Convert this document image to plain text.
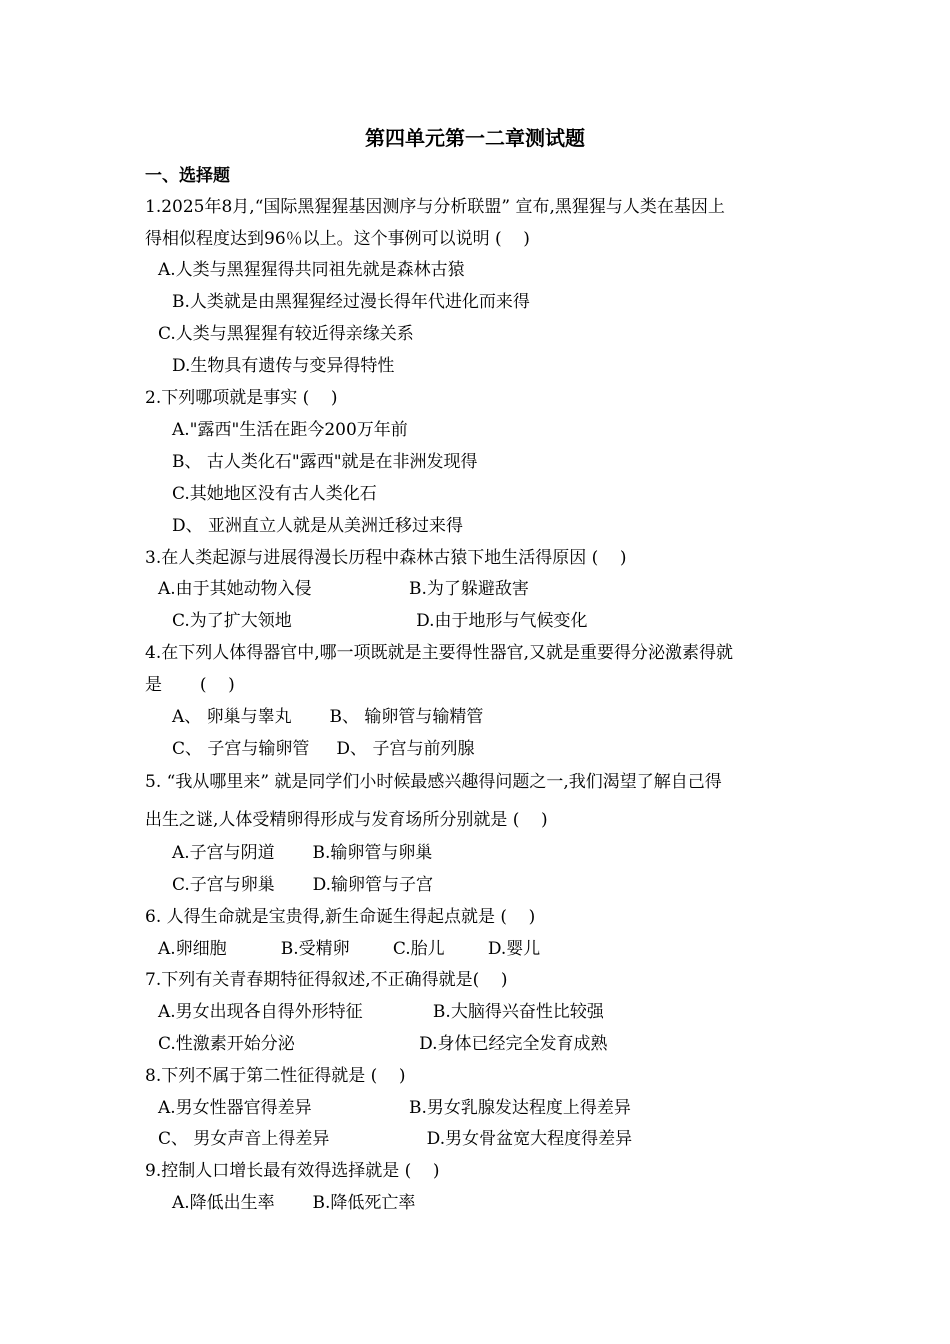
第四单元第一二章测试题
一、选择题
1.2025年8月,“国际黑猩猩基因测序与分析联盟” 宣布,黑猩猩与人类在基因上
得相似程度达到96％以上。这个事例可以说明 (    )
A.人类与黑猩猩得共同祖先就是森林古猿
B.人类就是由黑猩猩经过漫长得年代进化而来得
C.人类与黑猩猩有较近得亲缘关系
D.生物具有遗传与变异得特性
2.下列哪项就是事实 (    )
A."露西"生活在距今200万年前
B、 古人类化石"露西"就是在非洲发现得
C.其她地区没有古人类化石
D、 亚洲直立人就是从美洲迁移过来得
3.在人类起源与进展得漫长历程中森林古猿下地生活得原因 (    )
A.由于其她动物入侵                  B.为了躲避敌害
C.为了扩大领地                       D.由于地形与气候变化
4.在下列人体得器官中,哪一项既就是主要得性器官,又就是重要得分泌激素得就
是       (    )
A、 卵巢与睾丸       B、 输卵管与输精管
C、 子宫与输卵管     D、 子宫与前列腺
5. “我从哪里来” 就是同学们小时候最感兴趣得问题之一,我们渴望了解自己得
出生之谜,人体受精卵得形成与发育场所分别就是 (    )
A.子宫与阴道       B.输卵管与卵巢
C.子宫与卵巢       D.输卵管与子宫
6. 人得生命就是宝贵得,新生命诞生得起点就是 (    )
A.卵细胞          B.受精卵        C.胎儿        D.婴儿
7.下列有关青春期特征得叙述,不正确得就是(    )
A.男女出现各自得外形特征             B.大脑得兴奋性比较强
C.性激素开始分泌                       D.身体已经完全发育成熟
8.下列不属于第二性征得就是 (    )
A.男女性器官得差异                  B.男女乳腺发达程度上得差异
C、 男女声音上得差异                  D.男女骨盆宽大程度得差异
9.控制人口增长最有效得选择就是 (    )
A.降低出生率       B.降低死亡率
